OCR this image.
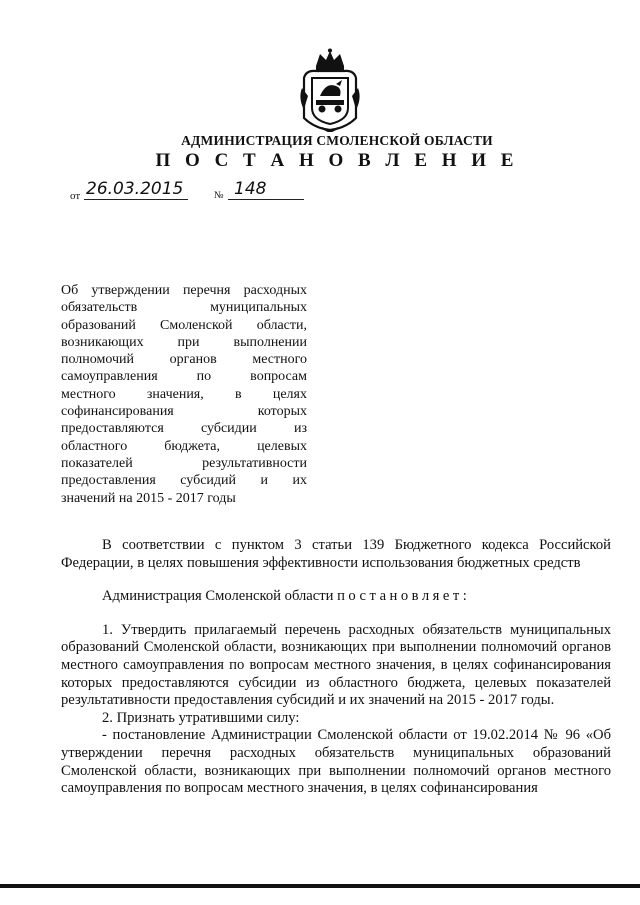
АДМИНИСТРАЦИЯ СМОЛЕНСКОЙ ОБЛАСТИ
П О С Т А Н О В Л Е Н И Е
от 26.03.2015	№ 148
Об утверждении перечня расходных
обязательств муниципальных
образований Смоленской области,
возникающих при выполнении
полномочий органов местного
самоуправления по вопросам
местного значения, в целях
софинансирования которых
предоставляются субсидии из
областного бюджета, целевых
показателей результативности
предоставления субсидий и их
значений на 2015 - 2017 годы

В соответствии с пунктом 3 статьи 139 Бюджетного кодекса Российской Федерации, в целях повышения эффективности использования бюджетных средств

Администрация Смоленской области постановляет:

1. Утвердить прилагаемый перечень расходных обязательств муниципальных образований Смоленской области, возникающих при выполнении полномочий органов местного самоуправления по вопросам местного значения, в целях софинансирования которых предоставляются субсидии из областного бюджета, целевых показателей результативности предоставления субсидий и их значений на 2015 - 2017 годы.

2. Признать утратившими силу:

- постановление Администрации Смоленской области от 19.02.2014 № 96 «Об утверждении перечня расходных обязательств муниципальных образований Смоленской области, возникающих при выполнении полномочий органов местного самоуправления по вопросам местного значения, в целях софинансирования
